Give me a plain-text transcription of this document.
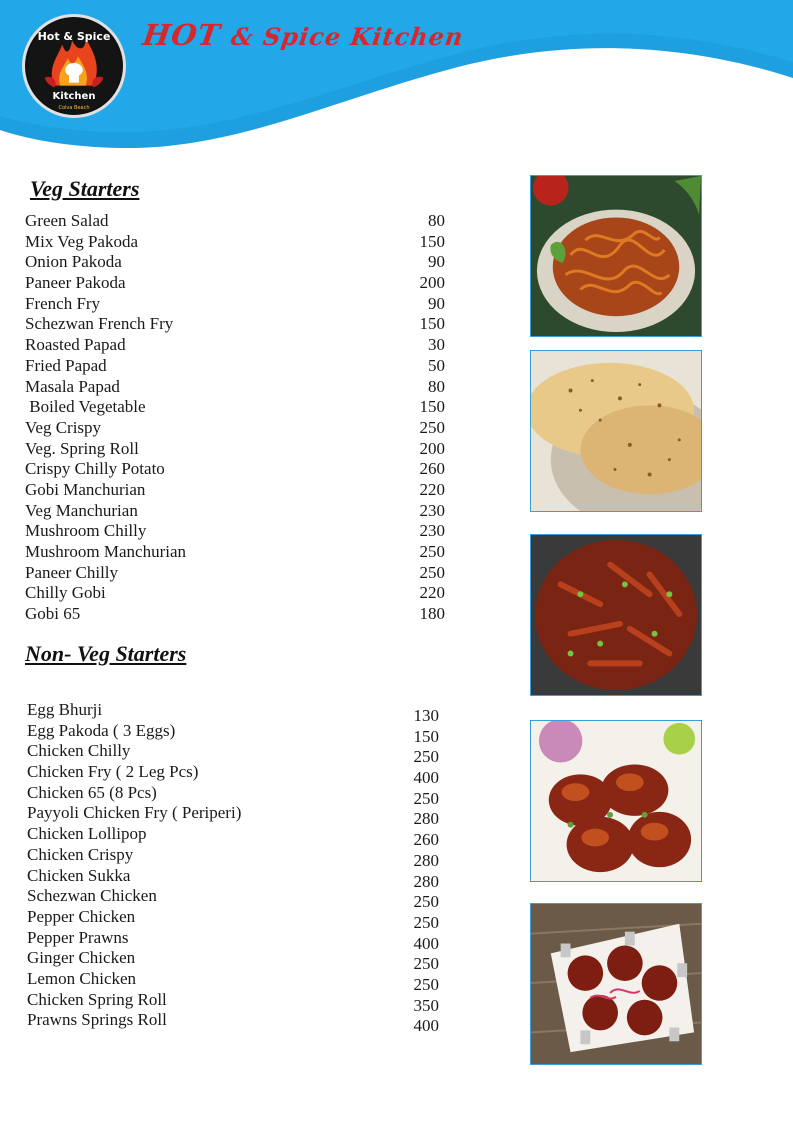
Hot & Spice
Kitchen
Colva Beach
HOT & Spice Kitchen
Veg Starters
Green Salad	80
Mix Veg Pakoda	150
Onion Pakoda	90
Paneer Pakoda	200
French Fry	90
Schezwan French Fry	150
Roasted Papad	30
Fried Papad	50
Masala Papad	80
Boiled Vegetable	150
Veg Crispy	250
Veg. Spring Roll	200
Crispy Chilly Potato	260
Gobi Manchurian	220
Veg Manchurian	230
Mushroom Chilly	230
Mushroom Manchurian	250
Paneer Chilly	250
Chilly Gobi	220
Gobi 65	180
Non- Veg Starters
Egg Bhurji	130
Egg Pakoda ( 3 Eggs)	150
Chicken Chilly	250
Chicken Fry ( 2 Leg Pcs)	400
Chicken 65 (8 Pcs)	250
Payyoli Chicken Fry ( Periperi)	280
Chicken Lollipop	260
Chicken Crispy	280
Chicken Sukka	280
Schezwan Chicken	250
Pepper Chicken	250
Pepper Prawns	400
Ginger Chicken	250
Lemon Chicken	250
Chicken Spring Roll	350
Prawns Springs Roll	400
